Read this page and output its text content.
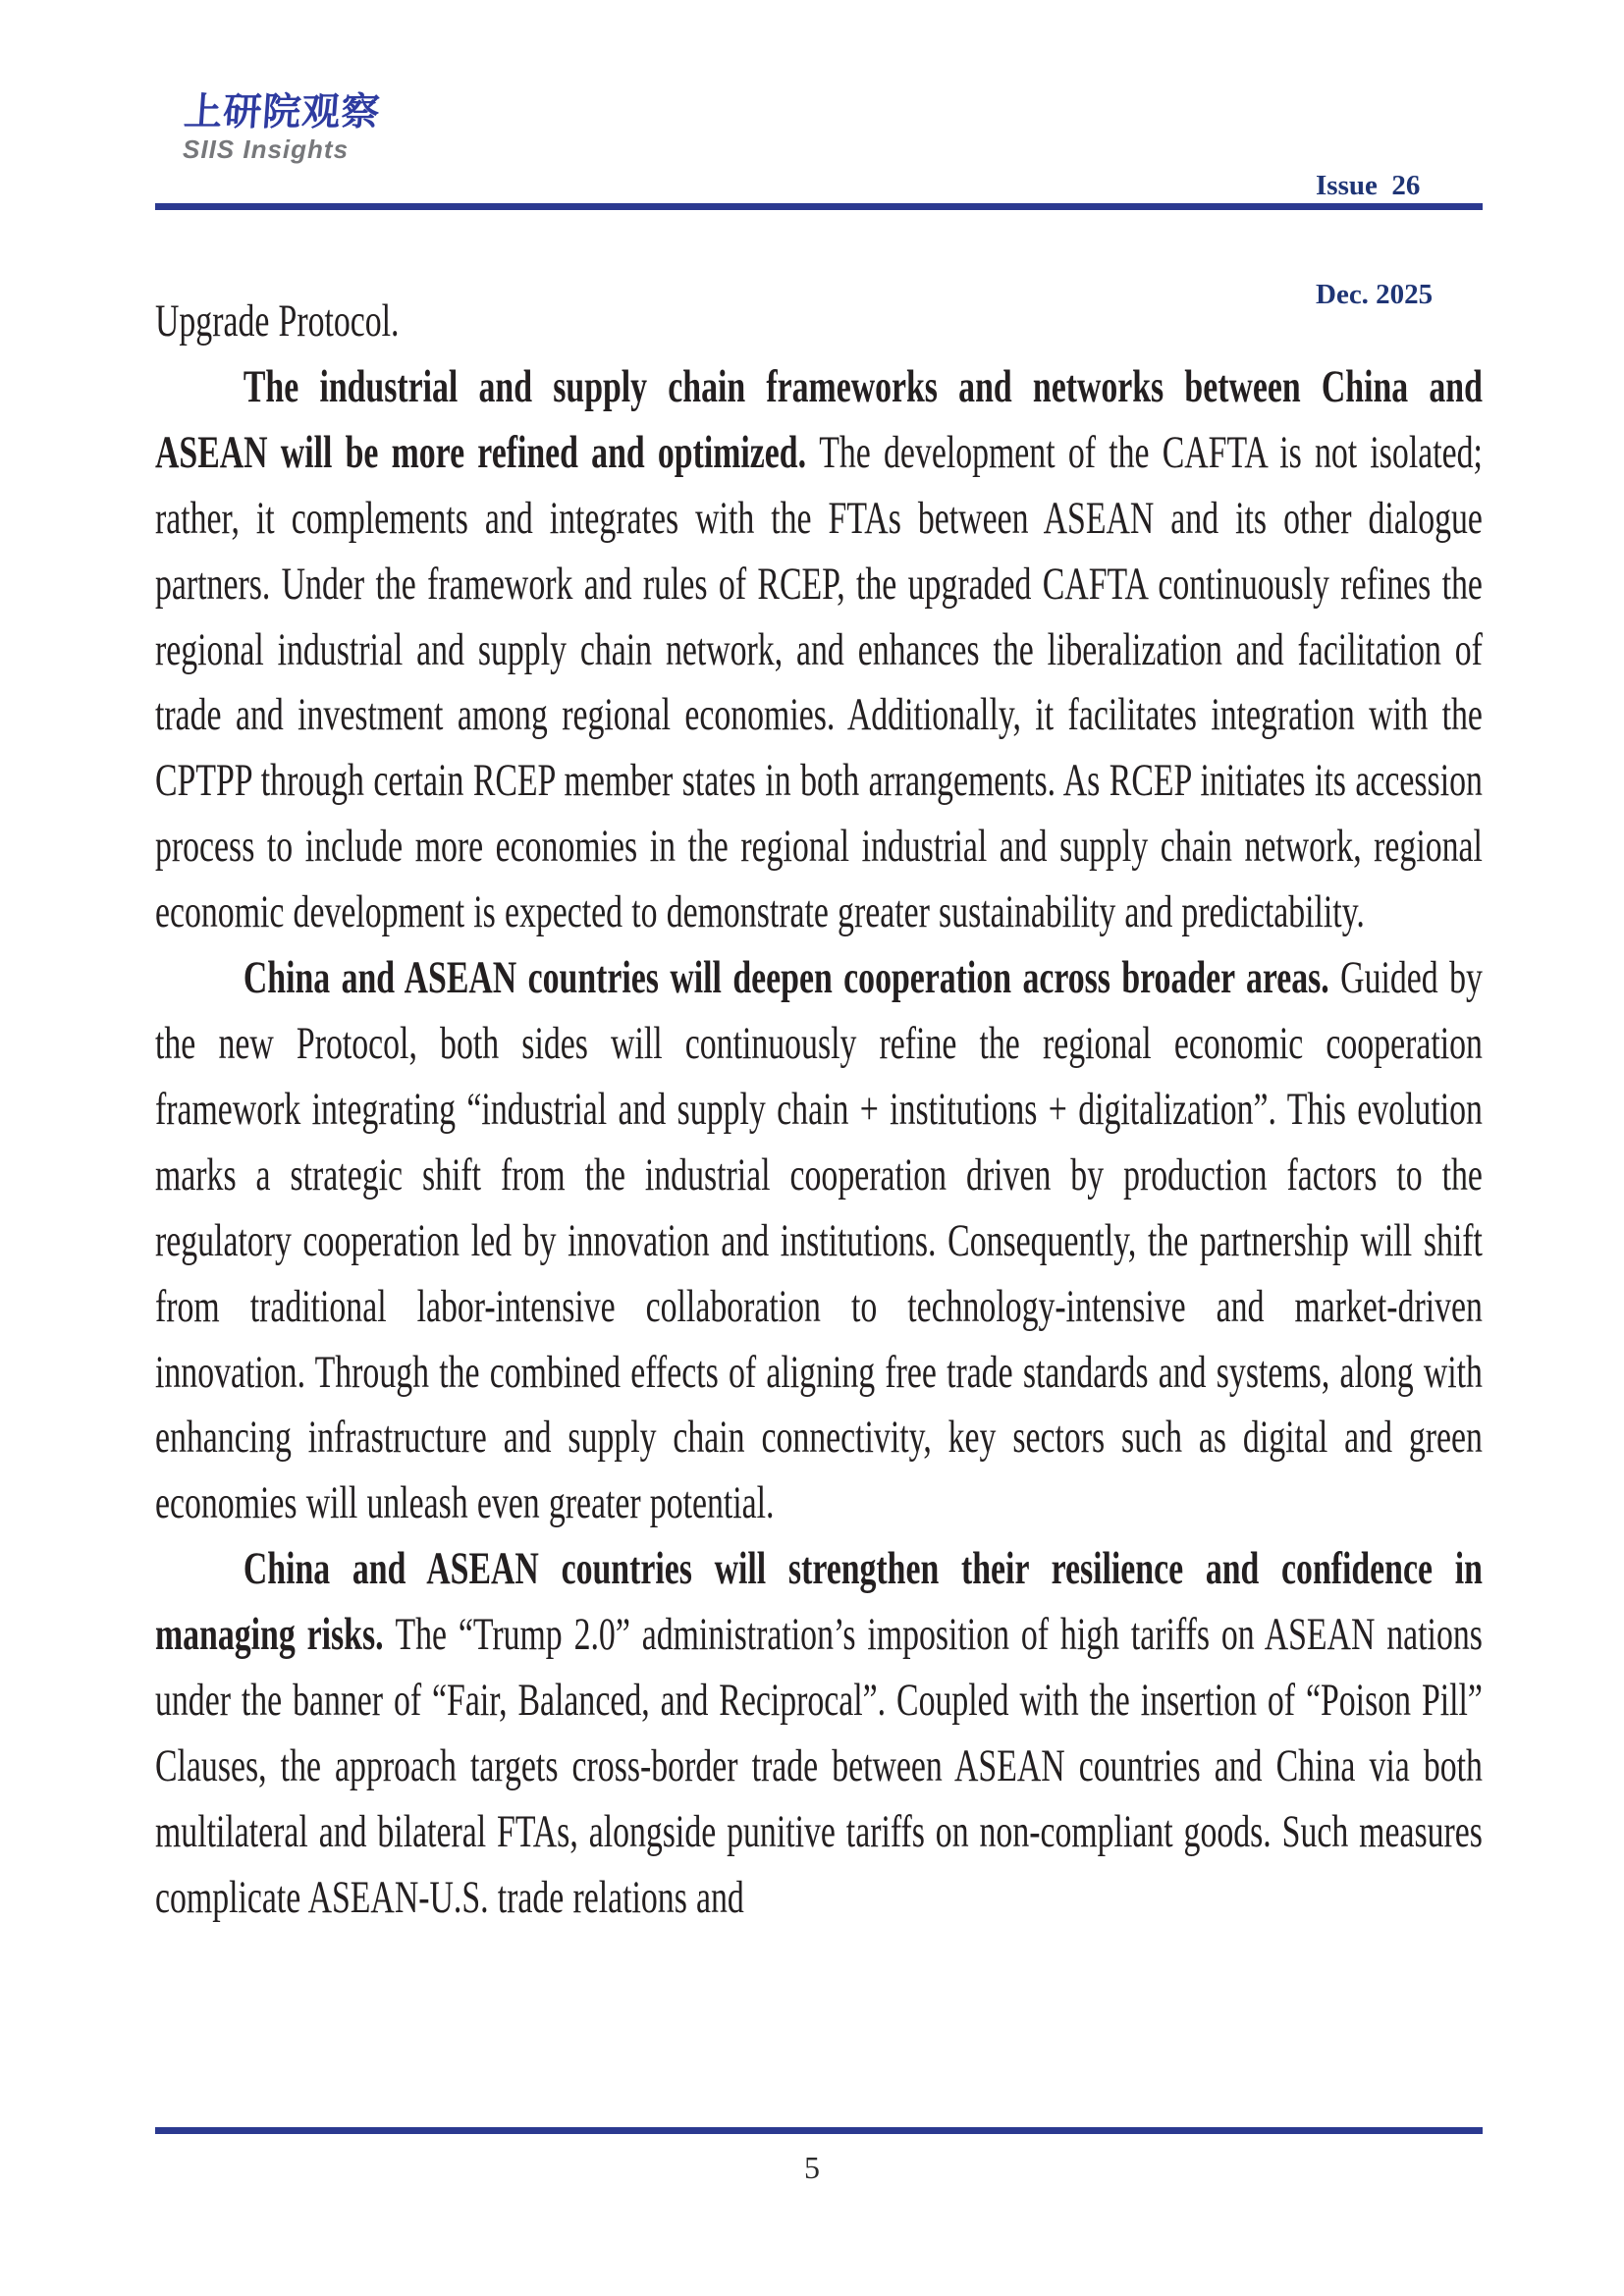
上研院观察
SIIS Insights

Issue  26

Dec. 2025

Upgrade Protocol.

The industrial and supply chain frameworks and networks between China and ASEAN will be more refined and optimized. The development of the CAFTA is not isolated; rather, it complements and integrates with the FTAs between ASEAN and its other dialogue partners. Under the framework and rules of RCEP, the upgraded CAFTA continuously refines the regional industrial and supply chain network, and enhances the liberalization and facilitation of trade and investment among regional economies. Additionally, it facilitates integration with the CPTPP through certain RCEP member states in both arrangements. As RCEP initiates its accession process to include more economies in the regional industrial and supply chain network, regional economic development is expected to demonstrate greater sustainability and predictability.

China and ASEAN countries will deepen cooperation across broader areas. Guided by the new Protocol, both sides will continuously refine the regional economic cooperation framework integrating “industrial and supply chain + institutions + digitalization”. This evolution marks a strategic shift from the industrial cooperation driven by production factors to the regulatory cooperation led by innovation and institutions. Consequently, the partnership will shift from traditional labor-intensive collaboration to technology-intensive and market-driven innovation. Through the combined effects of aligning free trade standards and systems, along with enhancing infrastructure and supply chain connectivity, key sectors such as digital and green economies will unleash even greater potential.

China and ASEAN countries will strengthen their resilience and confidence in managing risks. The “Trump 2.0” administration’s imposition of high tariffs on ASEAN nations under the banner of “Fair, Balanced, and Reciprocal”. Coupled with the insertion of “Poison Pill” Clauses, the approach targets cross-border trade between ASEAN countries and China via both multilateral and bilateral FTAs, alongside punitive tariffs on non-compliant goods. Such measures complicate ASEAN-U.S. trade relations and

5
